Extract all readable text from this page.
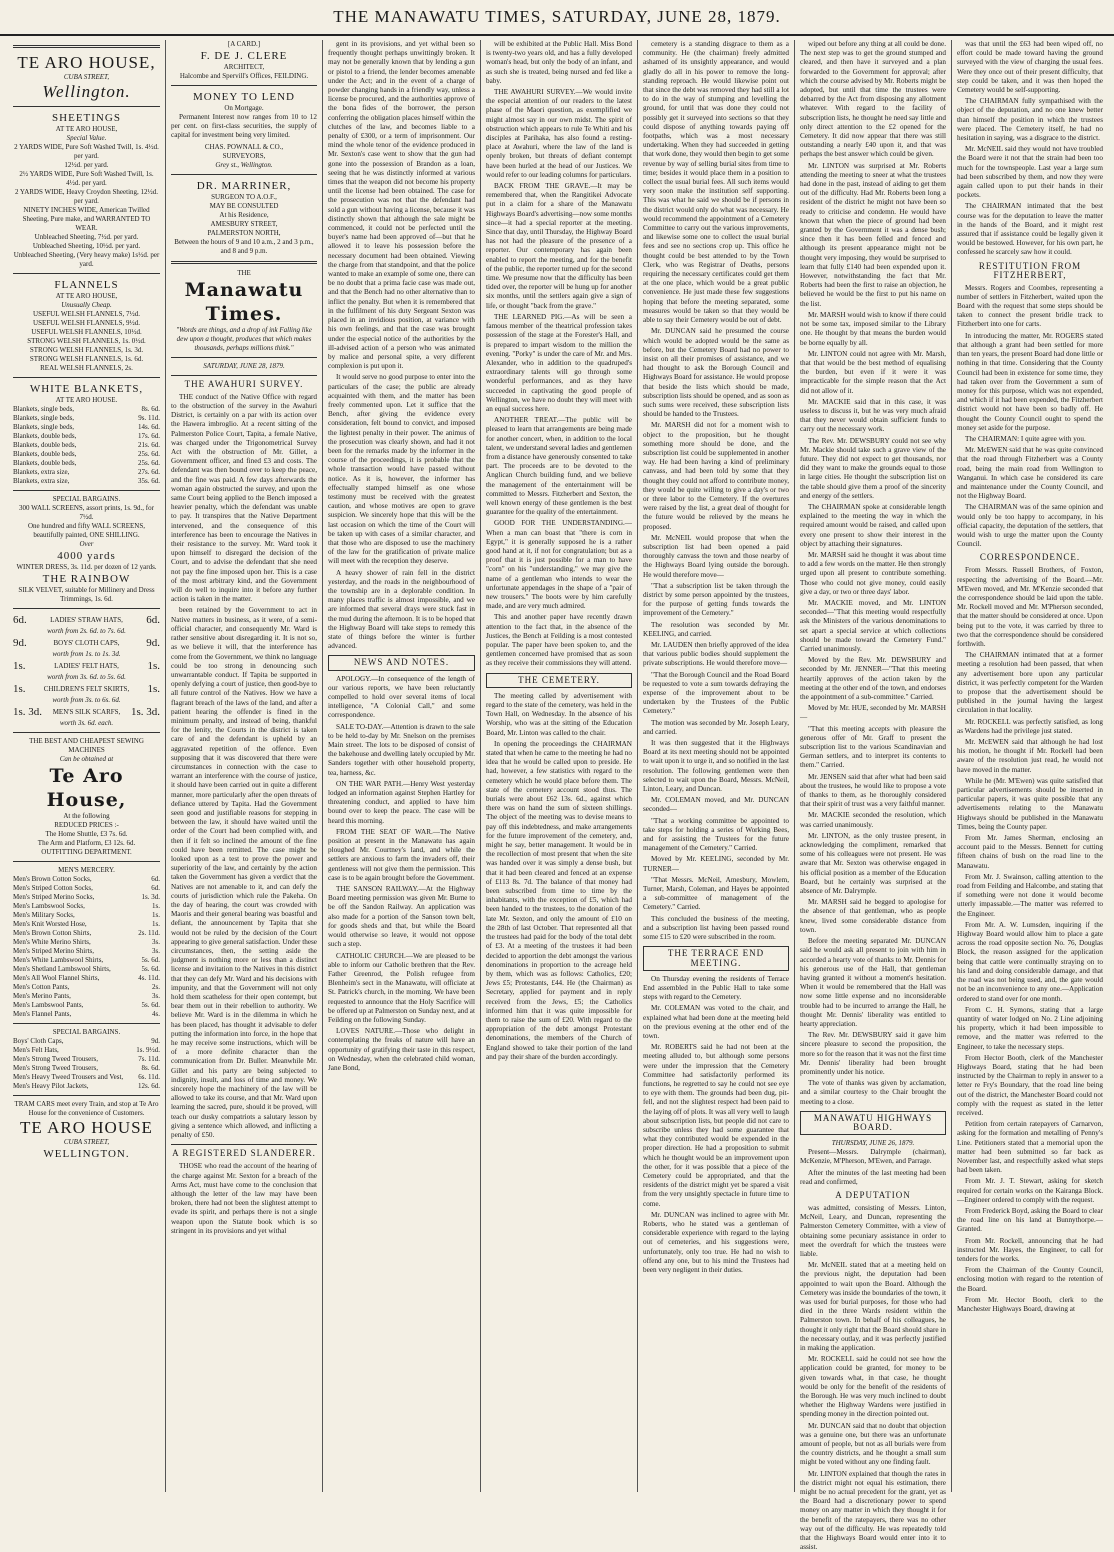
THE MANAWATU TIMES, SATURDAY, JUNE 28, 1879.
TE ARO HOUSE,
CUBA STREET,
Wellington.
SHEETINGS
AT TE ARO HOUSE,
Special Value.
2 YARDS WIDE, Pure Soft Washed Twill, 1s. 4½d. per yard.
12½d. per yard.
2½ YARDS WIDE, Pure Soft Washed Twill, 1s. 4½d. per yard.
2 YARDS WIDE, Heavy Croydon Sheeting, 12½d. per yard.
NINETY INCHES WIDE, American Twilled Sheeting, Pure make, and WARRANTED TO WEAR.
Unbleached Sheeting, 7½d. per yard.
Unbleached Sheeting, 10½d. per yard.
Unbleached Sheeting, (Very heavy make) 1s½d. per yard.
FLANNELS
AT TE ARO HOUSE,
Unusually Cheap.
USEFUL WELSH FLANNELS, 7½d.
USEFUL WELSH FLANNELS, 9½d.
USEFUL WELSH FLANNELS, 10½d.
STRONG WELSH FLANNELS, 1s. 0½d.
STRONG WELSH FLANNELS, 1s. 3d.
STRONG WELSH FLANNELS, 1s. 6d.
REAL WELSH FLANNELS, 2s.
WHITE BLANKETS,
AT TE ARO HOUSE.
Blankets, single beds,	8s. 6d.
Blankets, single beds,	9s. 11d.
Blankets, single beds,	14s. 6d.
Blankets, double beds,	17s. 6d.
Blankets, double beds,	21s. 6d.
Blankets, double beds,	25s. 6d.
Blankets, double beds,	25s. 6d.
Blankets, extra size,	27s. 6d.
Blankets, extra size,	35s. 6d.
SPECIAL BARGAINS.
300 WALL SCREENS, assort prints, 1s. 9d., for 7½d.
One hundred and fifty WALL SCREENS, beautifully painted, ONE SHILLING.
Over
4000 yards
WINTER DRESS, 3s. 11d. per dozen of 12 yards.
THE RAINBOW
SILK VELVET, suitable for Millinery and Dress Trimmings, 1s. 6d.
6d.	LADIES' STRAW HATS, 6d.
worth from 2s. 6d. to 7s. 6d.
9d.	BOYS' CLOTH CAPS, 9d.
worth from 1s. to 1s. 3d.
1s.	LADIES' FELT HATS,	1s.
worth from 3s. 6d. to 5s. 6d.
1s.	CHILDREN'S FELT SKIRTS, 1s.
worth from 3s. to 6s. 6d.
1s. 3d. MEN'S SILK SCARFS, 1s. 3d.
worth 3s. 6d. each.
THE BEST AND CHEAPEST SEWING MACHINES
Can be obtained at
Te Aro House,
At the following
REDUCED PRICES :-
The Home Shuttle, £3 7s. 6d.
The Arm and Platform, £3 12s. 6d.
OUTFITTING DEPARTMENT.
MEN'S MERCERY.
Men's Brown Cotton Socks,	6d.
Men's Striped Cotton Socks,	6d.
Men's Striped Merino Socks,	1s. 3d.
Men's Lambswool Socks,	1s.
Men's Military Socks,	1s.
Men's Knit Worsted Hose,	1s.
Men's Brown Cotton Shirts,	2s. 11d.
Men's White Merino Shirts,	3s.
Men's Striped Merino Shirts,	3s.
Men's White Lambswool Shirts,	5s. 6d.
Men's Shetland Lambswool Shirts,	5s. 6d.
Men's All Wool Flannel Shirts,	4s. 11d.
Men's Cotton Pants,	2s.
Men's Merino Pants,	3s.
Men's Lambswool Pants,	5s. 6d.
Men's Flannel Pants,	4s.
SPECIAL BARGAINS.
Boys' Cloth Caps,	9d.
Men's Felt Hats,	1s. 9½d.
Men's Strong Tweed Trousers,	7s. 11d.
Men's Strong Tweed Trousers,	8s. 6d.
Men's Heavy Tweed Trousers and Vest, 6s. 11d.
Men's Heavy Pilot Jackets,	12s. 6d.
TRAM CARS meet every Train, and stop at Te Aro House for the convenience of Customers.
TE ARO HOUSE
CUBA STREET,
WELLINGTON.
[A CARD.]
F. DE J. CLERE
ARCHITECT,
Halcombe and Spervill's Offices, FEILDING.
MONEY TO LEND
On Mortgage.

Permanent Interest now ranges from 10 to 12 per cent. on first-class securities, the supply of capital for investment being very limited.

CHAS. POWNALL & CO.,
SURVEYORS,
Grey st., Wellington.
DR. MARRINER,
SURGEON TO A.O.F.,
MAY BE CONSULTED
At his Residence,
AMESBURY STREET,
PALMERSTON NORTH,
Between the hours of 9 and 10 a.m., 2 and 3 p.m., and 8 and 9 p.m.
THE
Manawatu Times.
"Words are things, and a drop of ink Falling like dew upon a thought, produces that which makes thousands, perhaps millions think."
SATURDAY, JUNE 28, 1879.
THE AWAHURI SURVEY.

THE conduct of the Native Office with regard to the obstruction of the survey in the Awahuri District, is certainly on a par with its action over the Hawera imbroglio. At a recent sitting of the Palmerston Police Court, Tapita, a female Native, was charged under the Trigonometrical Survey Act with the obstruction of Mr. Gillet, a Government officer, and fined £3 and costs. The defendant was then bound over to keep the peace, and the fine was paid. A few days afterwards the woman again obstructed the survey, and upon the same Court being applied to the Bench imposed a heavier penalty, which the defendant was unable to pay. It transpires that the Native Department intervened, and the consequence of this interference has been to encourage the Natives in their resistance to the survey. Mr. Ward took it upon himself to disregard the decision of the Court, and to advise the defendant that she need not pay the fine imposed upon her. This is a case of the most arbitrary kind, and the Government will do well to inquire into it before any further action is taken in the matter.

been retained by the Government to act in Native matters in business, as it were, of a semi-official character, and consequently Mr. Ward is rather sensitive about disregarding it. It is not so, as we believe it will, that the interference has come from the Government, we think no language could be too strong in denouncing such unwarrantable conduct. If Tapita be supported in openly defying a court of justice, then good-bye to all future control of the Natives. How we have a flagrant breach of the laws of the land, and after a patient hearing the offender is fined in the minimum penalty, and instead of being, thankful for the lenity, the Courts in the district is taken care of and the defendant is upheld by an aggravated repetition of the offence. Even supposing that it was discovered that there were circumstances in connection with the case to warrant an interference with the course of justice, it should have been carried out in quite a different manner, more particularly after the open threats of defiance uttered by Tapita. Had the Government seen good and justifiable reasons for stepping in between the law, it should have waited until the order of the Court had been complied with, and then if it felt so inclined the amount of the fine could have been remitted. The case might be looked upon as a test to prove the power and superiority of the law, and certainly by the action taken the Government has given a verdict that the Natives are not amenable to it, and can defy the courts of jurisdiction which rule the Pakeha. On the day of hearing, the court was crowded with Maoris and their general bearing was boastful and defiant, the announcement by Tapita that she would not be ruled by the decision of the Court appearing to give general satisfaction. Under these circumstances, then, the setting aside the judgment is nothing more or less than a distinct license and invitation to the Natives in this district that they can defy Mr. Ward and his decisions with impunity, and that the Government will not only hold them scatheless for their open contempt, but bear them out in their rebellion to authority. We believe Mr. Ward is in the dilemma in which he has been placed, has thought it advisable to defer putting the information into force, in the hope that he may receive some instructions, which will be of a more definite character than the communication from Dr. Buller. Meanwhile Mr. Gillet and his party are being subjected to indignity, insult, and loss of time and money. We sincerely hope the machinery of the law will be allowed to take its course, and that Mr. Ward upon learning the sacred, pure, should it be proved, will teach our dusky compatriots a salutary lesson by giving a sentence which allowed, and inflicting a penalty of £50.

A REGISTERED SLANDERER.

THOSE who read the account of the hearing of the charge against Mr. Sexton for a breach of the Arms Act, must have come to the conclusion that although the letter of the law may have been broken, there had not been the slightest attempt to evade its spirit, and perhaps there is not a single weapon upon the Statute book which is so stringent in its provisions and yet withal

gent in its provisions, and yet withal been so frequently thought perhaps unwittingly broken. It may not be generally known that by lending a gun or pistol to a friend, the lender becomes amenable under the Act; and in the event of a charge of powder changing hands in a friendly way, unless a license be procured, and the authorities approve of the bona fides of the borrower, the person conferring the obligation places himself within the clutches of the law, and becomes liable to a penalty of £300, or a term of imprisonment. Our mind the whole tenor of the evidence produced in Mr. Sexton's case went to show that the gun had gone into the possession of Brandon as a loan, seeing that he was distinctly informed at various times that the weapon did not become his property until the license had been obtained. The case for the prosecution was not that the defendant had sold a gun without having a license, because it was distinctly shown that although the sale might be commenced, it could not be perfected until the buyer's name had been approved of—but that he allowed it to leave his possession before the necessary document had been obtained. Viewing the charge from that standpoint, and that the police wanted to make an example of some one, there can be no doubt that a prima facie case was made out, and that the Bench had no other alternative than to inflict the penalty. But when it is remembered that in the fulfilment of his duty Sergeant Sexton was placed in an invidious position, at variance with his own feelings, and that the case was brought under the especial notice of the authorities by the ill-advised action of a person who was animated by malice and personal spite, a very different complexion is put upon it.

It would serve no good purpose to enter into the particulars of the case; the public are already acquainted with them, and the matter has been freely commented upon. Let it suffice that the Bench, after giving the evidence every consideration, felt bound to convict, and imposed the lightest penalty in their power. The animus of the prosecution was clearly shown, and had it not been for the remarks made by the informer in the course of the proceedings, it is probable that the whole transaction would have passed without notice. As it is, however, the informer has effectually stamped himself as one whose testimony must be received with the greatest caution, and whose motives are open to grave suspicion. We sincerely hope that this will be the last occasion on which the time of the Court will be taken up with cases of a similar character, and that those who are disposed to use the machinery of the law for the gratification of private malice will meet with the reception they deserve.

A heavy shower of rain fell in the district yesterday, and the roads in the neighbourhood of the township are in a deplorable condition. In many places traffic is almost impossible, and we are informed that several drays were stuck fast in the mud during the afternoon. It is to be hoped that the Highway Board will take steps to remedy this state of things before the winter is further advanced.

NEWS AND NOTES.

APOLOGY.—In consequence of the length of our various reports, we have been reluctantly compelled to hold over several items of local intelligence, "A Colonial Call," and some correspondence.

SALE TO-DAY.—Attention is drawn to the sale to be held to-day by Mr. Snelson on the premises Main street. The lots to be disposed of consist of the bakehouse and dwelling lately occupied by Mr. Sanders together with other household property, tea, harness, &c.

ON THE WAR PATH.—Henry West yesterday lodged an information against Stephen Hartley for threatening conduct, and applied to have him bound over to keep the peace. The case will be heard this morning.

FROM THE SEAT OF WAR.—The Native position at present in the Manawatu has again ploughed Mr. Courtney's land, and while the settlers are anxious to farm the invaders off, their gentleness will not give them the permission. This case is to be again brought before the Government.

THE SANSON RAILWAY.—At the Highway Board meeting permission was given Mr. Burne to be off the Sandon Railway. An application was also made for a portion of the Sanson town belt, for goods sheds and that, but while the Board would otherwise so leave, it would not oppose such a step.

CATHOLIC CHURCH.—We are pleased to be able to inform our Catholic brethren that the Rev. Father Greenrod, the Polish refugee from Blenheim's sect in the Manawatu, will officiate at St. Patrick's church, in the morning. We have been requested to announce that the Holy Sacrifice will be offered up at Palmerston on Sunday next, and at Feilding on the following Sunday.

LOVES NATURE.—Those who delight in contemplating the freaks of nature will have an opportunity of gratifying their taste in this respect, on Wednesday, when the celebrated child woman, Jane Bond,

will be exhibited at the Public Hall. Miss Bond is twenty-two years old, and has a fully developed woman's head, but only the body of an infant, and as such she is treated, being nursed and fed like a baby.

THE AWAHURI SURVEY.—We would invite the especial attention of our readers to the latest phase of the Maori question, as exemplified we might almost say in our own midst. The spirit of obstruction which appears to rule Te Whiti and his disciples at Parihaka, has also found a resting-place at Awahuri, where the law of the land is openly broken, but threats of defiant contempt have been hurled at the head of our Justices. We would refer to our leading columns for particulars.

BACK FROM THE GRAVE.—It may be remembered that, when the Rangitikei Advocate put in a claim for a share of the Manawatu Highways Board's advertising—now some months since—it had a special reporter at the meeting. Since that day, until Thursday, the Highway Board has not had the pleasure of the presence of a reporter. Our contemporary has again been enabled to report the meeting, and for the benefit of the public, the reporter turned up for the second time. We presume now that the difficulty has been tided over, the reporter will be hung up for another six months, until the settlers again give a sign of life, or thought "back from the grave."

THE LEARNED PIG.—As will be seen a famous member of the theatrical profession takes possession of the stage at the Forester's Hall, and is prepared to impart wisdom to the million the evening. "Porky" is under the care of Mr. and Mrs. Alexander, who in addition to the quadruped's extraordinary talents will go through some wonderful performances, and as they have succeeded in captivating the good people of Wellington, we have no doubt they will meet with an equal success here.

ANOTHER TREAT.—The public will be pleased to learn that arrangements are being made for another concert, when, in addition to the local talent, we understand several ladies and gentlemen from a distance have generously consented to take part. The proceeds are to be devoted to the Anglican Church building fund, and we believe the management of the entertainment will be committed to Messrs. Fitzherbert and Sexton, the well known energy of these gentlemen is the best guarantee for the quality of the entertainment.

GOOD FOR THE UNDERSTANDING.—When a man can boast that "there is corn in Egypt," it is generally supposed he is a rather good hand at it, if not for congratulation; but as a proof that it is just possible for a man to have "corn" on his "understanding," we may give the name of a gentleman who intends to wear the unfortunate appendages in the shape of a "pair of new trousers." The boots were by him carefully made, and are very much admired.

This and another paper have recently drawn attention to the fact that, in the absence of the Justices, the Bench at Feilding is a most contested popular. The paper have been spoken to, and the gentlemen concerned have promised that as soon as they receive their commissions they will attend.

THE CEMETERY.

The meeting called by advertisement with regard to the state of the cemetery, was held in the Town Hall, on Wednesday. In the absence of his Worship, who was at the sitting of the Education Board, Mr. Linton was called to the chair.

In opening the proceedings the CHAIRMAN stated that when he came to the meeting he had no idea that he would be called upon to preside. He had, however, a few statistics with regard to the cemetery which he would place before them. The state of the cemetery account stood thus. The burials were about £62 13s. 6d., against which there was on hand the sum of sixteen shillings. The object of the meeting was to devise means to pay off this indebtedness, and make arrangements for the future improvement of the cemetery, and, might he say, better management. It would be in the recollection of most present that when the site was handed over it was simply a dense bush, but that it had been cleared and fenced at an expense of £113 8s. 7d. The balance of that money had been subscribed from time to time by the inhabitants, with the exception of £5, which had been handed to the trustees, to the donation of the late Mr. Sexton, and only the amount of £10 on the 28th of last October. That represented all that the trustees had paid for the body of the total debt of £3. At a meeting of the trustees it had been decided to apportion the debt amongst the various denominations in proportion to the acreage held by them, which was as follows: Catholics, £20; Jews £5; Protestants, £44. He (the Chairman) as Secretary, applied for payment and in reply received from the Jews, £5; the Catholics informed him that it was quite impossible for them to raise the sum of £20. With regard to the appropriation of the debt amongst Protestant denominations, the members of the Church of England showed to take their portion of the land and pay their share of the burden accordingly.

cemetery is a standing disgrace to them as a community. He (the chairman) freely admitted ashamed of its unsightly appearance, and would gladly do all in his power to remove the long-standing reproach. He would likewise point out that since the debt was removed they had still a lot to do in the way of stumping and levelling the ground, for until that was done they could not possibly get it surveyed into sections so that they could dispose of anything towards paying off footpaths, which was a most necessary undertaking. When they had succeeded in getting that work done, they would then begin to get some revenue by way of selling burial sites from time to time; besides it would place them in a position to collect the usual burial fees. All such items would very soon make the institution self supporting. This was what he said we should be if persons in the district would only do what was necessary. He would recommend the appointment of a Cemetery Committee to carry out the various improvements, and likewise some one to collect the usual burial fees and see no sections crop up. This office he thought could be best attended to by the Town Clerk, who was Registrar of Deaths, persons requiring the necessary certificates could get them at the one place, which would be a great public convenience. He just made these few suggestions hoping that before the meeting separated, some measures would be taken so that they would be able to say their Cemetery would be out of debt.

Mr. DUNCAN said he presumed the course which would be adopted would be the same as before, but the Cemetery Board had no power to insist on all their promises of assistance, and we had thought to ask the Borough Council and Highways Board for assistance. He would propose that beside the lists which should be made, subscription lists should be opened, and as soon as such sums were received, these subscription lists should be handed to the Trustees.

Mr. MARSH did not for a moment wish to object to the proposition, but he thought something more should be done, and the subscription list could be supplemented in another way. He had been having a kind of preliminary canvass, and had been told by some that they thought they could not afford to contribute money, they would be quite willing to give a day's or two or three labor to the Cemetery. If the overtures were raised by the list, a great deal of thought for the future would be relieved by the means he proposed.

Mr. McNEIL would propose that when the subscription list had been opened a paid thoroughly canvass the town and those nearby of the Highways Board lying outside the borough. He would therefore move—

"That a subscription list be taken through the district by some person appointed by the trustees, for the purpose of getting funds towards the improvement of the Cemetery."

The resolution was seconded by Mr. KEELING, and carried.

Mr. LAUDEN then briefly approved of the idea that various public bodies should supplement the private subscriptions. He would therefore move—

"That the Borough Council and the Road Board be requested to vote a sum towards defraying the expense of the improvement about to be undertaken by the Trustees of the Public Cemetery."

The motion was seconded by Mr. Joseph Leary, and carried.

It was then suggested that it the Highways Board at its next meeting should not be appointed to wait upon it to urge it, and so notified in the last resolution. The following gentlemen were then selected to wait upon the Board, Messrs. McNeil, Linton, Leary, and Duncan.

Mr. COLEMAN moved, and Mr. DUNCAN seconded—

"That a working committee be appointed to take steps for holding a series of Working Bees, and for assisting the Trustees for the future management of the Cemetery." Carried.

Moved by Mr. KEELING, seconded by Mr. TURNER—

"That Messrs. McNeil, Amesbury, Mowlem, Turner, Marsh, Coleman, and Hayes be appointed a sub-committee of management of the Cemetery." Carried.

This concluded the business of the meeting, and a subscription list having been passed round some £15 to £20 were subscribed in the room.

THE TERRACE END MEETING.

On Thursday evening the residents of Terrace End assembled in the Public Hall to take some steps with regard to the Cemetery.

Mr. COLEMAN was voted to the chair, and explained what had been done at the meeting held on the previous evening at the other end of the town.

Mr. ROBERTS said he had not been at the meeting alluded to, but although some persons were under the impression that the Cemetery Committee had satisfactorily performed its functions, he regretted to say he could not see eye to eye with them. The grounds had been dug, pit-fell, and not the slightest respect had been paid to the laying off of plots. It was all very well to laugh about subscription lists, but people did not care to subscribe unless they had some guarantee that what they contributed would be expended in the proper direction. He had a proposition to submit which he thought would be an improvement upon the other, for it was possible that a piece of the Cemetery could be appropriated, and that the residents of the district might yet be spared a visit from the very unsightly spectacle in future time to come.

Mr. DUNCAN was inclined to agree with Mr. Roberts, who he stated was a gentleman of considerable experience with regard to the laying out of cemeteries, and his suggestions were, unfortunately, only too true. He had no wish to offend any one, but to his mind the Trustees had been very negligent in their duties.

wiped out before any thing at all could be done. The next step was to get the ground stumped and cleared, and then have it surveyed and a plan forwarded to the Government for approval; after which the course advised by Mr. Roberts might be adopted, but until that time the trustees were debarred by the Act from disposing any allotment whatever. With regard to the facility of subscription lists, he thought he need say little and only direct attention to the £2 opened for the Cemetery. It did now appear that there was still outstanding a nearly £40 upon it, and that was perhaps the best answer which could be given.

Mr. LINTON was surprised at Mr. Roberts attending the meeting to sneer at what the trustees had done in the past, instead of aiding to get them out of the difficulty. Had Mr. Roberts been long a resident of the district he might not have been so ready to criticise and condemn. He would have known that when the piece of ground had been granted by the Government it was a dense bush; since then it has been felled and fenced and although its present appearance might not be thought very imposing, they would be surprised to learn that fully £140 had been expended upon it. However, notwithstanding the fact that Mr. Roberts had been the first to raise an objection, he believed he would be the first to put his name on the list.

Mr. MARSH would wish to know if there could not be some tax, imposed similar to the Library one. He thought by that means the burden would be borne equally by all.

Mr. LINTON could not agree with Mr. Marsh, that that would be the best method of equalising the burden, but even if it were it was impracticable for the simple reason that the Act did not allow of it.

Mr. MACKIE said that in this case, it was useless to discuss it, but he was very much afraid that they never would obtain sufficient funds to carry out the necessary work.

The Rev. Mr. DEWSBURY could not see why Mr. Mackie should take such a grave view of the future. They did not expect to get thousands, nor did they want to make the grounds equal to those in large cities. He thought the subscription list on the table should give them a proof of the sincerity and energy of the settlers.

The CHAIRMAN spoke at considerable length explained to the meeting the way in which the required amount would be raised, and called upon every one present to show their interest in the object by attaching their signatures.

Mr. MARSH said he thought it was about time to add a few words on the matter. He then strongly urged upon all present to contribute something. Those who could not give money, could easily give a day, or two or three days' labor.

Mr. MACKIE moved, and Mr. LINTON seconded—"That this meeting would respectfully ask the Ministers of the various denominations to set apart a special service at which collections should be made toward the Cemetery Fund." Carried unanimously.

Moved by the Rev. Mr. DEWSBURY and seconded by Mr. JENNER—"That this meeting heartily approves of the action taken by the meeting at the other end of the town, and endorses the appointment of a sub-committee." Carried.

Moved by Mr. HUE, seconded by Mr. MARSH—

"That this meeting accepts with pleasure the generous offer of Mr. Graff to present the subscription list to the various Scandinavian and German settlers, and to interpret its contents to them." Carried.

Mr. JENSEN said that after what had been said about the trustees, he would like to propose a vote of thanks to them, as he thoroughly considered that their spirit of trust was a very faithful manner.

Mr. MACKIE seconded the resolution, which was carried unanimously.

Mr. LINTON, as the only trustee present, in acknowledging the compliment, remarked that some of his colleagues were not present. He was aware that Mr. Sexton was otherwise engaged in his official position as a member of the Education Board, but he certainly was surprised at the absence of Mr. Dalrymple.

Mr. MARSH said he begged to apologise for the absence of that gentleman, who as people knew, lived some considerable distance from town.

Before the meeting separated Mr. DUNCAN said he would ask all present to join with him in accorded a hearty vote of thanks to Mr. Dennis for his generous use of the Hall, that gentleman having granted it without a moment's hesitation. When it would be remembered that the Hall was now some little expense and no inconsiderable trouble had to be incurred to arrange the Hall, he thought Mr. Dennis' liberality was entitled to hearty appreciation.

The Rev. Mr. DEWSBURY said it gave him sincere pleasure to second the proposition, the more so for the reason that it was not the first time Mr. Dennis' liberality had been brought prominently under his notice.

The vote of thanks was given by acclamation, and a similar courtesy to the Chair brought the meeting to a close.

MANAWATU HIGHWAYS BOARD.
THURSDAY, JUNE 26, 1879.

Present—Messrs. Dalrymple (chairman), McKenzie, M'Pherson, M'Ewen, and Parrage.

After the minutes of the last meeting had been read and confirmed,

A DEPUTATION

was admitted, consisting of Messrs. Linton, McNeil, Leary, and Duncan, representing the Palmerston Cemetery Committee, with a view of obtaining some pecuniary assistance in order to meet the overdraft for which the trustees were liable.

Mr. McNEIL stated that at a meeting held on the previous night, the deputation had been appointed to wait upon the Board. Although the Cemetery was inside the boundaries of the town, it was used for burial purposes, for those who had died in the three Wards resident within the Palmerston town. In behalf of his colleagues, he thought it only right that the Board should share in the necessary outlay, and it was perfectly justified in making the application.

Mr. ROCKELL said he could not see how the application could be granted, for money to be given towards what, in that case, he thought would be only for the benefit of the residents of the Borough. He was very much inclined to doubt whether the Highway Wardens were justified in spending money in the direction pointed out.

Mr. DUNCAN said that no doubt that objection was a genuine one, but there was an unfortunate amount of people, but not as all burials were from the country districts, and he thought a small sum might be voted without any one finding fault.

Mr. LINTON explained that though the rates in the district might not equal his estimation, there might be no actual precedent for the grant, yet as the Board had a discretionary power to spend money on any matter in which they thought it for the benefit of the ratepayers, there was no other way out of the difficulty. He was repeatedly told that the Highways Board would enter into it to assist.

was that until the £63 had been wiped off, no effort could be made toward having the ground surveyed with the view of charging the usual fees. Were they once out of their present difficulty, that step could be taken, and it was then hoped the Cemetery would be self-supporting.

The CHAIRMAN fully sympathised with the object of the deputation, and no one knew better than himself the position in which the trustees were placed. The Cemetery itself, he had no hesitation in saying, was a disgrace to the district.

Mr. McNEIL said they would not have troubled the Board were it not that the strain had been too much for the townspeople. Last year a large sum had been subscribed by them, and now they were again called upon to put their hands in their pockets.

The CHAIRMAN intimated that the best course was for the deputation to leave the matter in the hands of the Board, and it might rest assured that if assistance could be legally given it would be bestowed. However, for his own part, he confessed he scarcely saw how it could.

RESTITUTION FROM FITZHERBERT,

Messrs. Rogers and Coombes, representing a number of settlers in Fitzherbert, waited upon the Board with the request that some steps should be taken to connect the present bridle track to Fitzherbert into one for carts.

In introducing the matter, Mr. ROGERS stated that although a grant had been settled for more than ten years, the present Board had done little or nothing in that time. Considering that the County Council had been in existence for some time, they had taken over from the Government a sum of money for this purpose, which was not expended, and which if it had been expended, the Fitzherbert district would not have been so badly off. He thought the County Council ought to spend the money set aside for the purpose.

The CHAIRMAN: I quite agree with you.

Mr. McEWEN said that he was quite convinced that the road through Fitzherbert was a County road, being the main road from Wellington to Wanganui. In which case he considered its care and maintenance under the County Council, and not the Highway Board.

The CHAIRMAN was of the same opinion and would only be too happy to accompany, in his official capacity, the deputation of the settlers, that would wish to urge the matter upon the County Council.

CORRESPONDENCE.

From Messrs. Russell Brothers, of Foxton, respecting the advertising of the Board.—Mr. M'Ewen moved, and Mr. M'Kenzie seconded that the correspondence should be laid upon the table. Mr. Rockell moved and Mr. M'Pherson seconded, that the matter should be considered at once. Upon being put to the vote, it was carried by three to two that the correspondence should be considered forthwith.

The CHAIRMAN intimated that at a former meeting a resolution had been passed, that when any advertisement bore upon any particular district, it was perfectly competent for the Warden to propose that the advertisement should be published in the journal having the largest circulation in that locality.

Mr. ROCKELL was perfectly satisfied, as long as Wardens had the privilege just stated.

Mr. McEWEN said that although he had lost his motion, he thought if Mr. Rockell had been aware of the resolution just read, he would not have moved in the matter.

While he (Mr. M'Ewen) was quite satisfied that particular advertisements should be inserted in particular papers, it was quite possible that any advertisements relating to the Manawatu Highways should be published in the Manawatu Times, being the County paper.

From Mr. James Sherman, enclosing an account paid to the Messrs. Bennett for cutting fifteen chains of bush on the road line to the Manawatu.

From Mr. J. Swainson, calling attention to the road from Feilding and Halcombe, and stating that if something were not done it would become utterly impassable.—The matter was referred to the Engineer.

From Mr. A. W. Lumsden, inquiring if the Highway Board would allow him to place a gate across the road opposite section No. 76, Douglas Block, the reason assigned for the application being that cattle were continually straying on to his land and doing considerable damage, and that the road was not being used, and, the gate would not be an inconvenience to any one.—Application ordered to stand over for one month.

From C. H. Symons, stating that a large quantity of water lodged on No. 2 Line adjoining his property, which it had been impossible to remove, and the matter was referred to the Engineer, to take the necessary steps.

From Hector Booth, clerk of the Manchester Highways Board, stating that he had been instructed by the Chairman to reply in answer to a letter re Fry's Boundary, that the road line being out of the district, the Manchester Board could not comply with the request as stated in the letter received.

Petition from certain ratepayers of Carnarvon, asking for the formation and metalling of Penny's Line. Petitioners stated that a memorial upon the matter had been submitted so far back as November last, and respectfully asked what steps had been taken.

From Mr. J. T. Stewart, asking for sketch required for certain works on the Kairanga Block.—Engineer ordered to comply with the request.

From Frederick Boyd, asking the Board to clear the road line on his land at Bunnythorpe.—Granted.

From Mr. Rockell, announcing that he had instructed Mr. Hayes, the Engineer, to call for tenders for the works.

From the Chairman of the County Council, enclosing motion with regard to the retention of the Board.

From Mr. Hector Booth, clerk to the Manchester Highways Board, drawing at
